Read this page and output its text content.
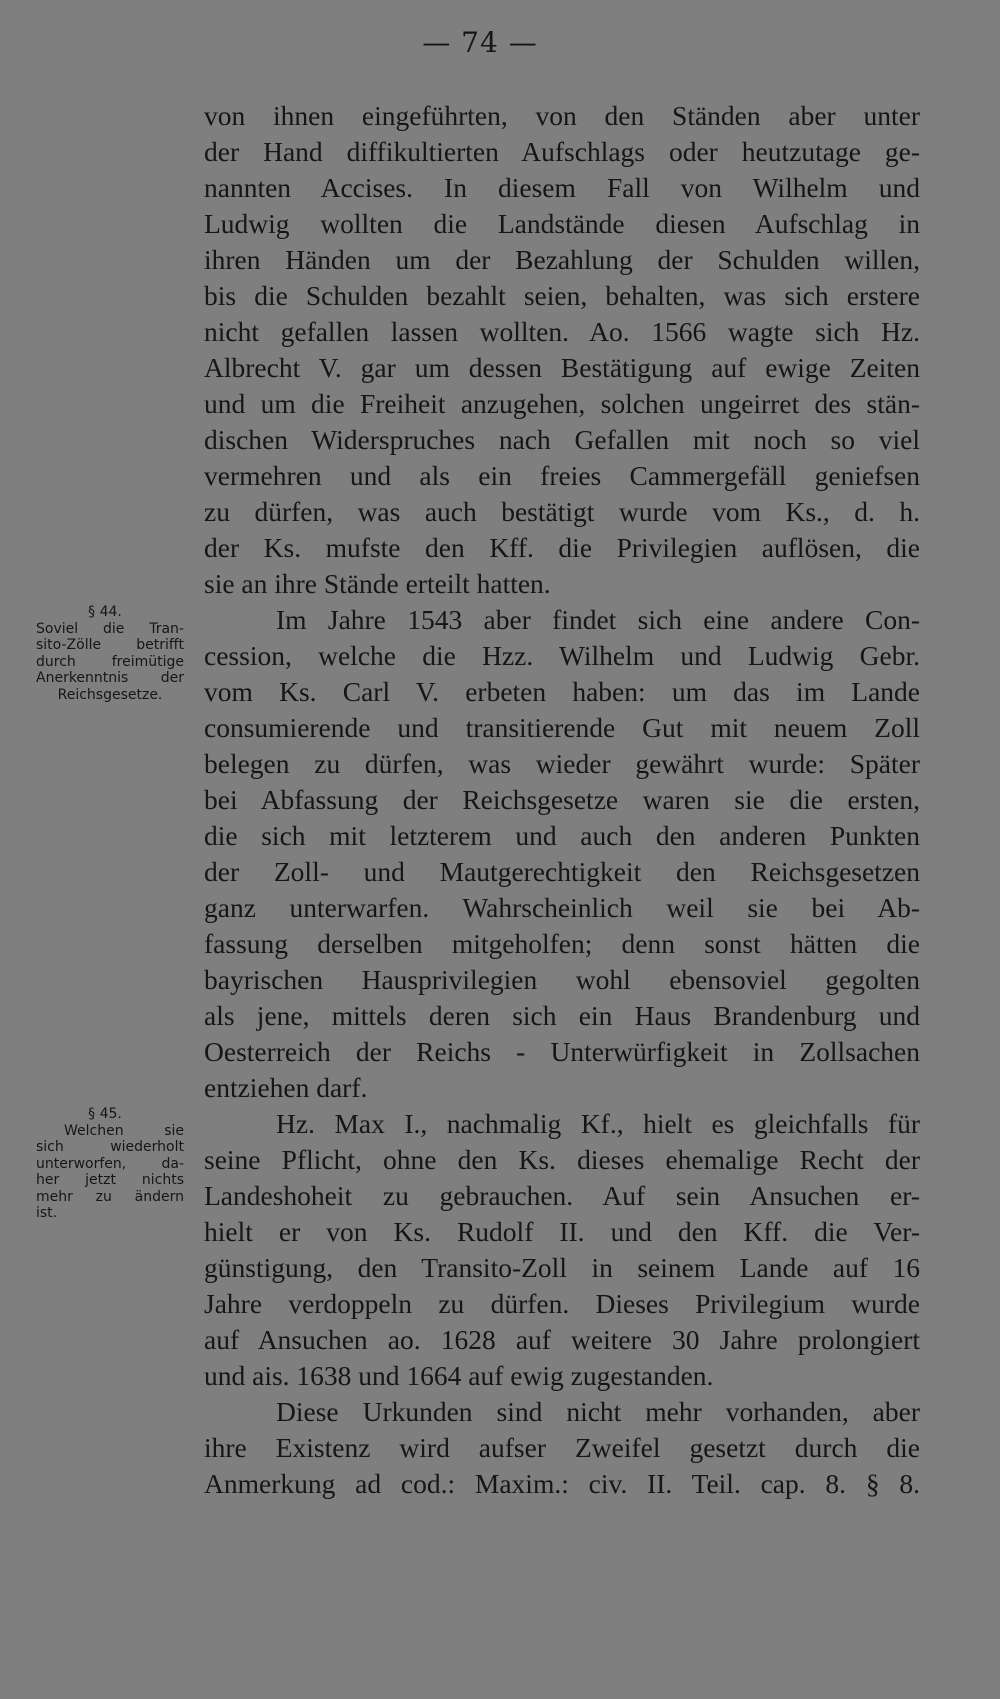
— 74 —
§ 44.
Soviel die Tran-
sito-Zölle betrifft
durch freimütige
Anerkenntnis der
Reichsgesetze.
§ 45.
Welchen sie
sich wiederholt
unterworfen, da-
her jetzt nichts
mehr zu ändern
ist.
von ihnen eingeführten, von den Ständen aber unter
der Hand diffikultierten Aufschlags oder heutzutage ge-
nannten Accises. In diesem Fall von Wilhelm und
Ludwig wollten die Landstände diesen Aufschlag in
ihren Händen um der Bezahlung der Schulden willen,
bis die Schulden bezahlt seien, behalten, was sich erstere
nicht gefallen lassen wollten. Ao. 1566 wagte sich Hz.
Albrecht V. gar um dessen Bestätigung auf ewige Zeiten
und um die Freiheit anzugehen, solchen ungeirret des stän-
dischen Widerspruches nach Gefallen mit noch so viel
vermehren und als ein freies Cammergefäll geniefsen
zu dürfen, was auch bestätigt wurde vom Ks., d. h.
der Ks. mufste den Kff. die Privilegien auflösen, die
sie an ihre Stände erteilt hatten.
Im Jahre 1543 aber findet sich eine andere Con-
cession, welche die Hzz. Wilhelm und Ludwig Gebr.
vom Ks. Carl V. erbeten haben: um das im Lande
consumierende und transitierende Gut mit neuem Zoll
belegen zu dürfen, was wieder gewährt wurde: Später
bei Abfassung der Reichsgesetze waren sie die ersten,
die sich mit letzterem und auch den anderen Punkten
der Zoll- und Mautgerechtigkeit den Reichsgesetzen
ganz unterwarfen. Wahrscheinlich weil sie bei Ab-
fassung derselben mitgeholfen; denn sonst hätten die
bayrischen Hausprivilegien wohl ebensoviel gegolten
als jene, mittels deren sich ein Haus Brandenburg und
Oesterreich der Reichs - Unterwürfigkeit in Zollsachen
entziehen darf.
Hz. Max I., nachmalig Kf., hielt es gleichfalls für
seine Pflicht, ohne den Ks. dieses ehemalige Recht der
Landeshoheit zu gebrauchen. Auf sein Ansuchen er-
hielt er von Ks. Rudolf II. und den Kff. die Ver-
günstigung, den Transito-Zoll in seinem Lande auf 16
Jahre verdoppeln zu dürfen. Dieses Privilegium wurde
auf Ansuchen ao. 1628 auf weitere 30 Jahre prolongiert
und ais. 1638 und 1664 auf ewig zugestanden.
Diese Urkunden sind nicht mehr vorhanden, aber
ihre Existenz wird aufser Zweifel gesetzt durch die
Anmerkung ad cod.: Maxim.: civ. II. Teil. cap. 8. § 8.
